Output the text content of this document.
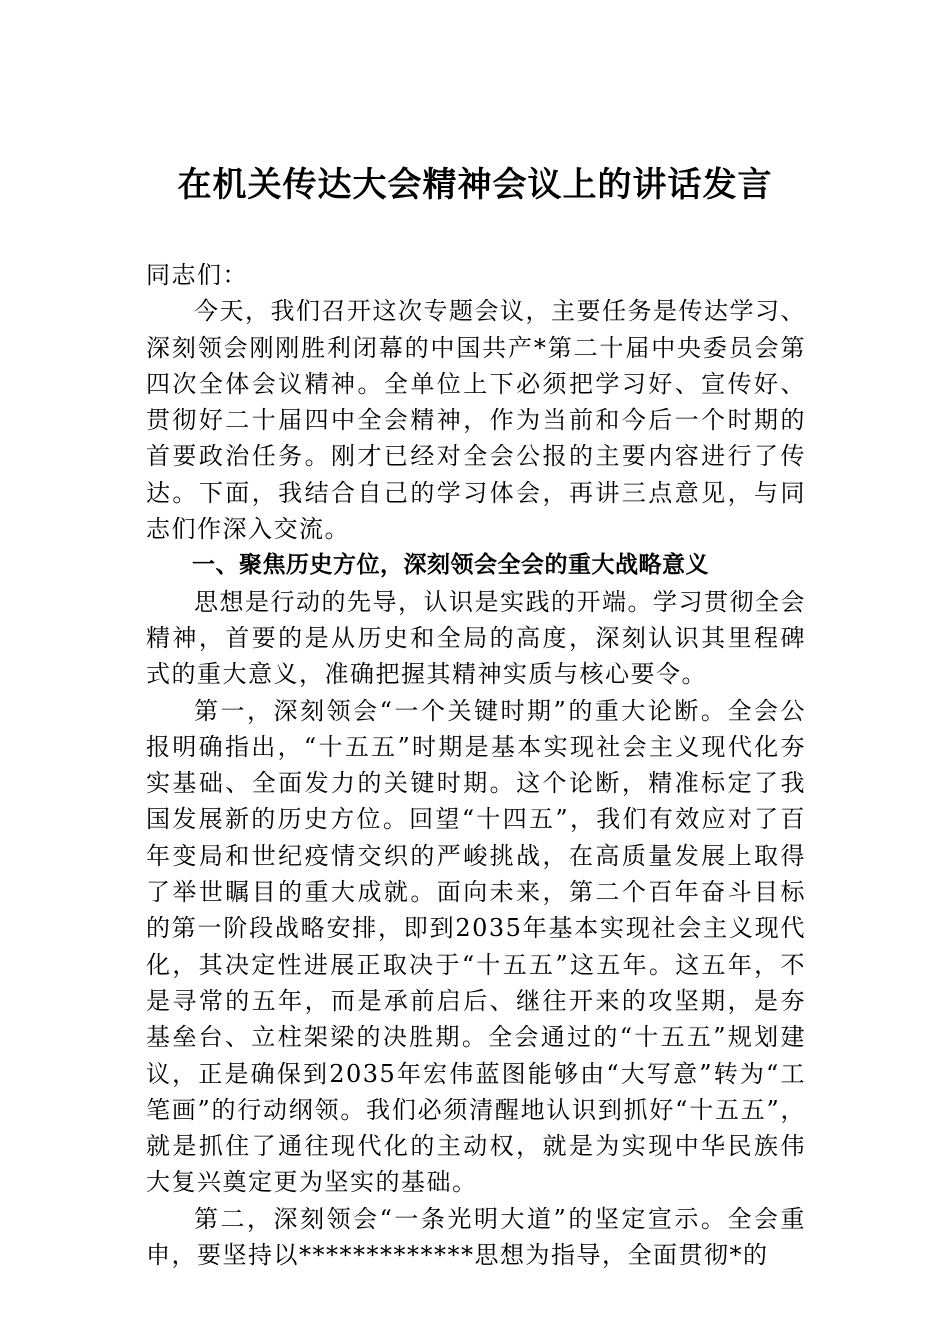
在机关传达大会精神会议上的讲话发言

同志们：

今天，我们召开这次专题会议，主要任务是传达学习、深刻领会刚刚胜利闭幕的中国共产*第二十届中央委员会第四次全体会议精神。全单位上下必须把学习好、宣传好、贯彻好二十届四中全会精神，作为当前和今后一个时期的首要政治任务。刚才已经对全会公报的主要内容进行了传达。下面，我结合自己的学习体会，再讲三点意见，与同志们作深入交流。

一、聚焦历史方位，深刻领会全会的重大战略意义

思想是行动的先导，认识是实践的开端。学习贯彻全会精神，首要的是从历史和全局的高度，深刻认识其里程碑式的重大意义，准确把握其精神实质与核心要令。

第一，深刻领会“一个关键时期”的重大论断。全会公报明确指出，“十五五”时期是基本实现社会主义现代化夯实基础、全面发力的关键时期。这个论断，精准标定了我国发展新的历史方位。回望“十四五”，我们有效应对了百年变局和世纪疫情交织的严峻挑战，在高质量发展上取得了举世瞩目的重大成就。面向未来，第二个百年奋斗目标的第一阶段战略安排，即到2035年基本实现社会主义现代化，其决定性进展正取决于“十五五”这五年。这五年，不是寻常的五年，而是承前启后、继往开来的攻坚期，是夯基垒台、立柱架梁的决胜期。全会通过的“十五五”规划建议，正是确保到2035年宏伟蓝图能够由“大写意”转为“工笔画”的行动纲领。我们必须清醒地认识到抓好“十五五”，就是抓住了通往现代化的主动权，就是为实现中华民族伟大复兴奠定更为坚实的基础。

第二，深刻领会“一条光明大道”的坚定宣示。全会重申，要坚持以*************思想为指导，全面贯彻*的
